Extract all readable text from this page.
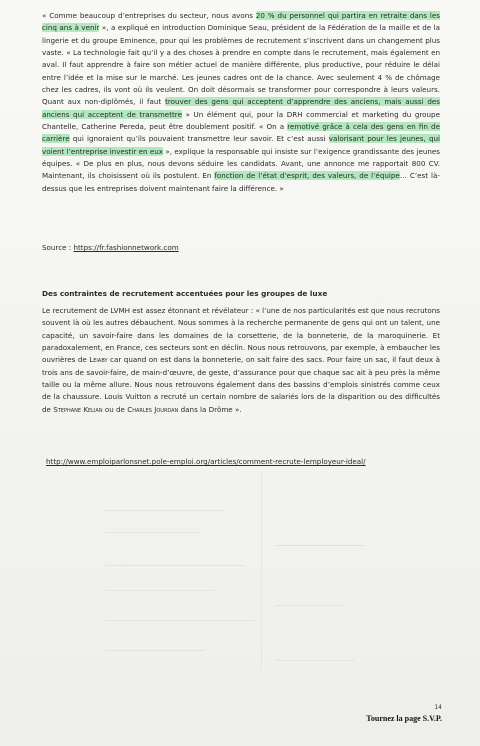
« Comme beaucoup d’entreprises du secteur, nous avons 20 % du personnel qui partira en retraite dans les cinq ans à venir », a expliqué en introduction Dominique Seau, président de la Fédération de la maille et de la lingerie et du groupe Eminence, pour qui les problèmes de recrutement s’inscrivent dans un changement plus vaste. « La technologie fait qu’il y a des choses à prendre en compte dans le recrutement, mais également en aval. Il faut apprendre à faire son métier actuel de manière différente, plus productive, pour réduire le délai entre l’idée et la mise sur le marché. Les jeunes cadres ont de la chance. Avec seulement 4 % de chômage chez les cadres, ils vont où ils veulent. On doit désormais se transformer pour correspondre à leurs valeurs. Quant aux non-diplômés, il faut trouver des gens qui acceptent d’apprendre des anciens, mais aussi des anciens qui acceptent de transmettre » Un élément qui, pour la DRH commercial et marketing du groupe Chantelle, Catherine Pereda, peut être doublement positif. « On a remotivé grâce à cela des gens en fin de carrière qui ignoraient qu’ils pouvaient transmettre leur savoir. Et c’est aussi valorisant pour les jeunes, qui voient l’entreprise investir en eux », explique la responsable qui insiste sur l’exigence grandissante des jeunes équipes. « De plus en plus, nous devons séduire les candidats. Avant, une annonce me rapportait 800 CV. Maintenant, ils choisissent où ils postulent. En fonction de l’état d’esprit, des valeurs, de l’équipe… C’est là-dessus que les entreprises doivent maintenant faire la différence. »
Source : https://fr.fashionnetwork.com
Des contraintes de recrutement accentuées pour les groupes de luxe
Le recrutement de LVMH est assez étonnant et révélateur : « l’une de nos particularités est que nous recrutons souvent là où les autres débauchent. Nous sommes à la recherche permanente de gens qui ont un talent, une capacité, un savoir-faire dans les domaines de la corsetterie, de la bonneterie, de la maroquinerie. Et paradoxalement, en France, ces secteurs sont en déclin. Nous nous retrouvons, par exemple, à embaucher les ouvrières de Leiaby car quand on est dans la bonneterie, on sait faire des sacs. Pour faire un sac, il faut deux à trois ans de savoir-faire, de main-d’œuvre, de geste, d’assurance pour que chaque sac ait à peu près la même taille ou la même allure. Nous nous retrouvons également dans des bassins d’emplois sinistrés comme ceux de la chaussure. Louis Vuitton a recruté un certain nombre de salariés lors de la disparition ou des difficultés de Stephane Kelian ou de Charles Jourdan dans la Drôme ».
http://www.emploiparlonsnet.pole-emploi.org/articles/comment-recrute-lemployeur-ideal/
14
Tournez la page S.V.P.
